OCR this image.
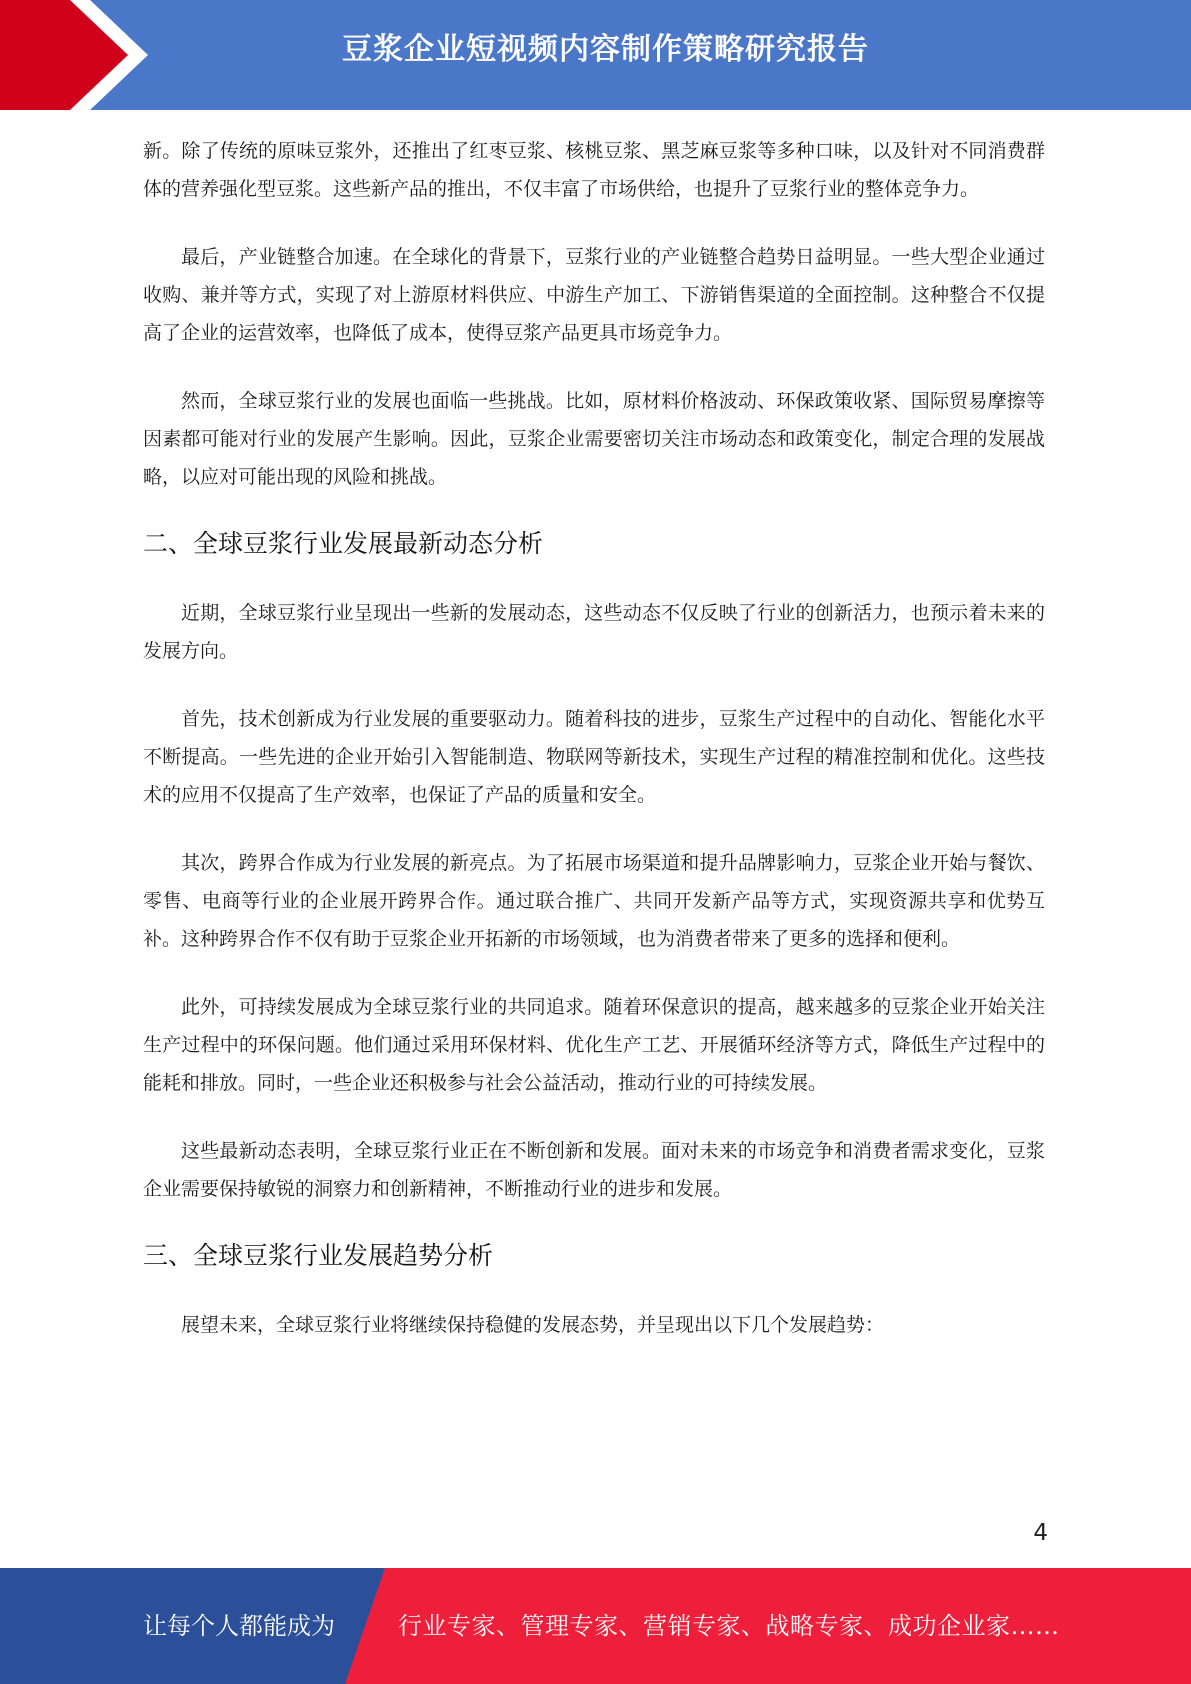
豆浆企业短视频内容制作策略研究报告

新。除了传统的原味豆浆外，还推出了红枣豆浆、核桃豆浆、黑芝麻豆浆等多种口味，以及针对不同消费群体的营养强化型豆浆。这些新产品的推出，不仅丰富了市场供给，也提升了豆浆行业的整体竞争力。

最后，产业链整合加速。在全球化的背景下，豆浆行业的产业链整合趋势日益明显。一些大型企业通过收购、兼并等方式，实现了对上游原材料供应、中游生产加工、下游销售渠道的全面控制。这种整合不仅提高了企业的运营效率，也降低了成本，使得豆浆产品更具市场竞争力。

然而，全球豆浆行业的发展也面临一些挑战。比如，原材料价格波动、环保政策收紧、国际贸易摩擦等因素都可能对行业的发展产生影响。因此，豆浆企业需要密切关注市场动态和政策变化，制定合理的发展战略，以应对可能出现的风险和挑战。

二、全球豆浆行业发展最新动态分析

近期，全球豆浆行业呈现出一些新的发展动态，这些动态不仅反映了行业的创新活力，也预示着未来的发展方向。

首先，技术创新成为行业发展的重要驱动力。随着科技的进步，豆浆生产过程中的自动化、智能化水平不断提高。一些先进的企业开始引入智能制造、物联网等新技术，实现生产过程的精准控制和优化。这些技术的应用不仅提高了生产效率，也保证了产品的质量和安全。

其次，跨界合作成为行业发展的新亮点。为了拓展市场渠道和提升品牌影响力，豆浆企业开始与餐饮、零售、电商等行业的企业展开跨界合作。通过联合推广、共同开发新产品等方式，实现资源共享和优势互补。这种跨界合作不仅有助于豆浆企业开拓新的市场领域，也为消费者带来了更多的选择和便利。

此外，可持续发展成为全球豆浆行业的共同追求。随着环保意识的提高，越来越多的豆浆企业开始关注生产过程中的环保问题。他们通过采用环保材料、优化生产工艺、开展循环经济等方式，降低生产过程中的能耗和排放。同时，一些企业还积极参与社会公益活动，推动行业的可持续发展。

这些最新动态表明，全球豆浆行业正在不断创新和发展。面对未来的市场竞争和消费者需求变化，豆浆企业需要保持敏锐的洞察力和创新精神，不断推动行业的进步和发展。

三、全球豆浆行业发展趋势分析

展望未来，全球豆浆行业将继续保持稳健的发展态势，并呈现出以下几个发展趋势：

4
让每个人都能成为	行业专家、管理专家、营销专家、战略专家、成功企业家……
